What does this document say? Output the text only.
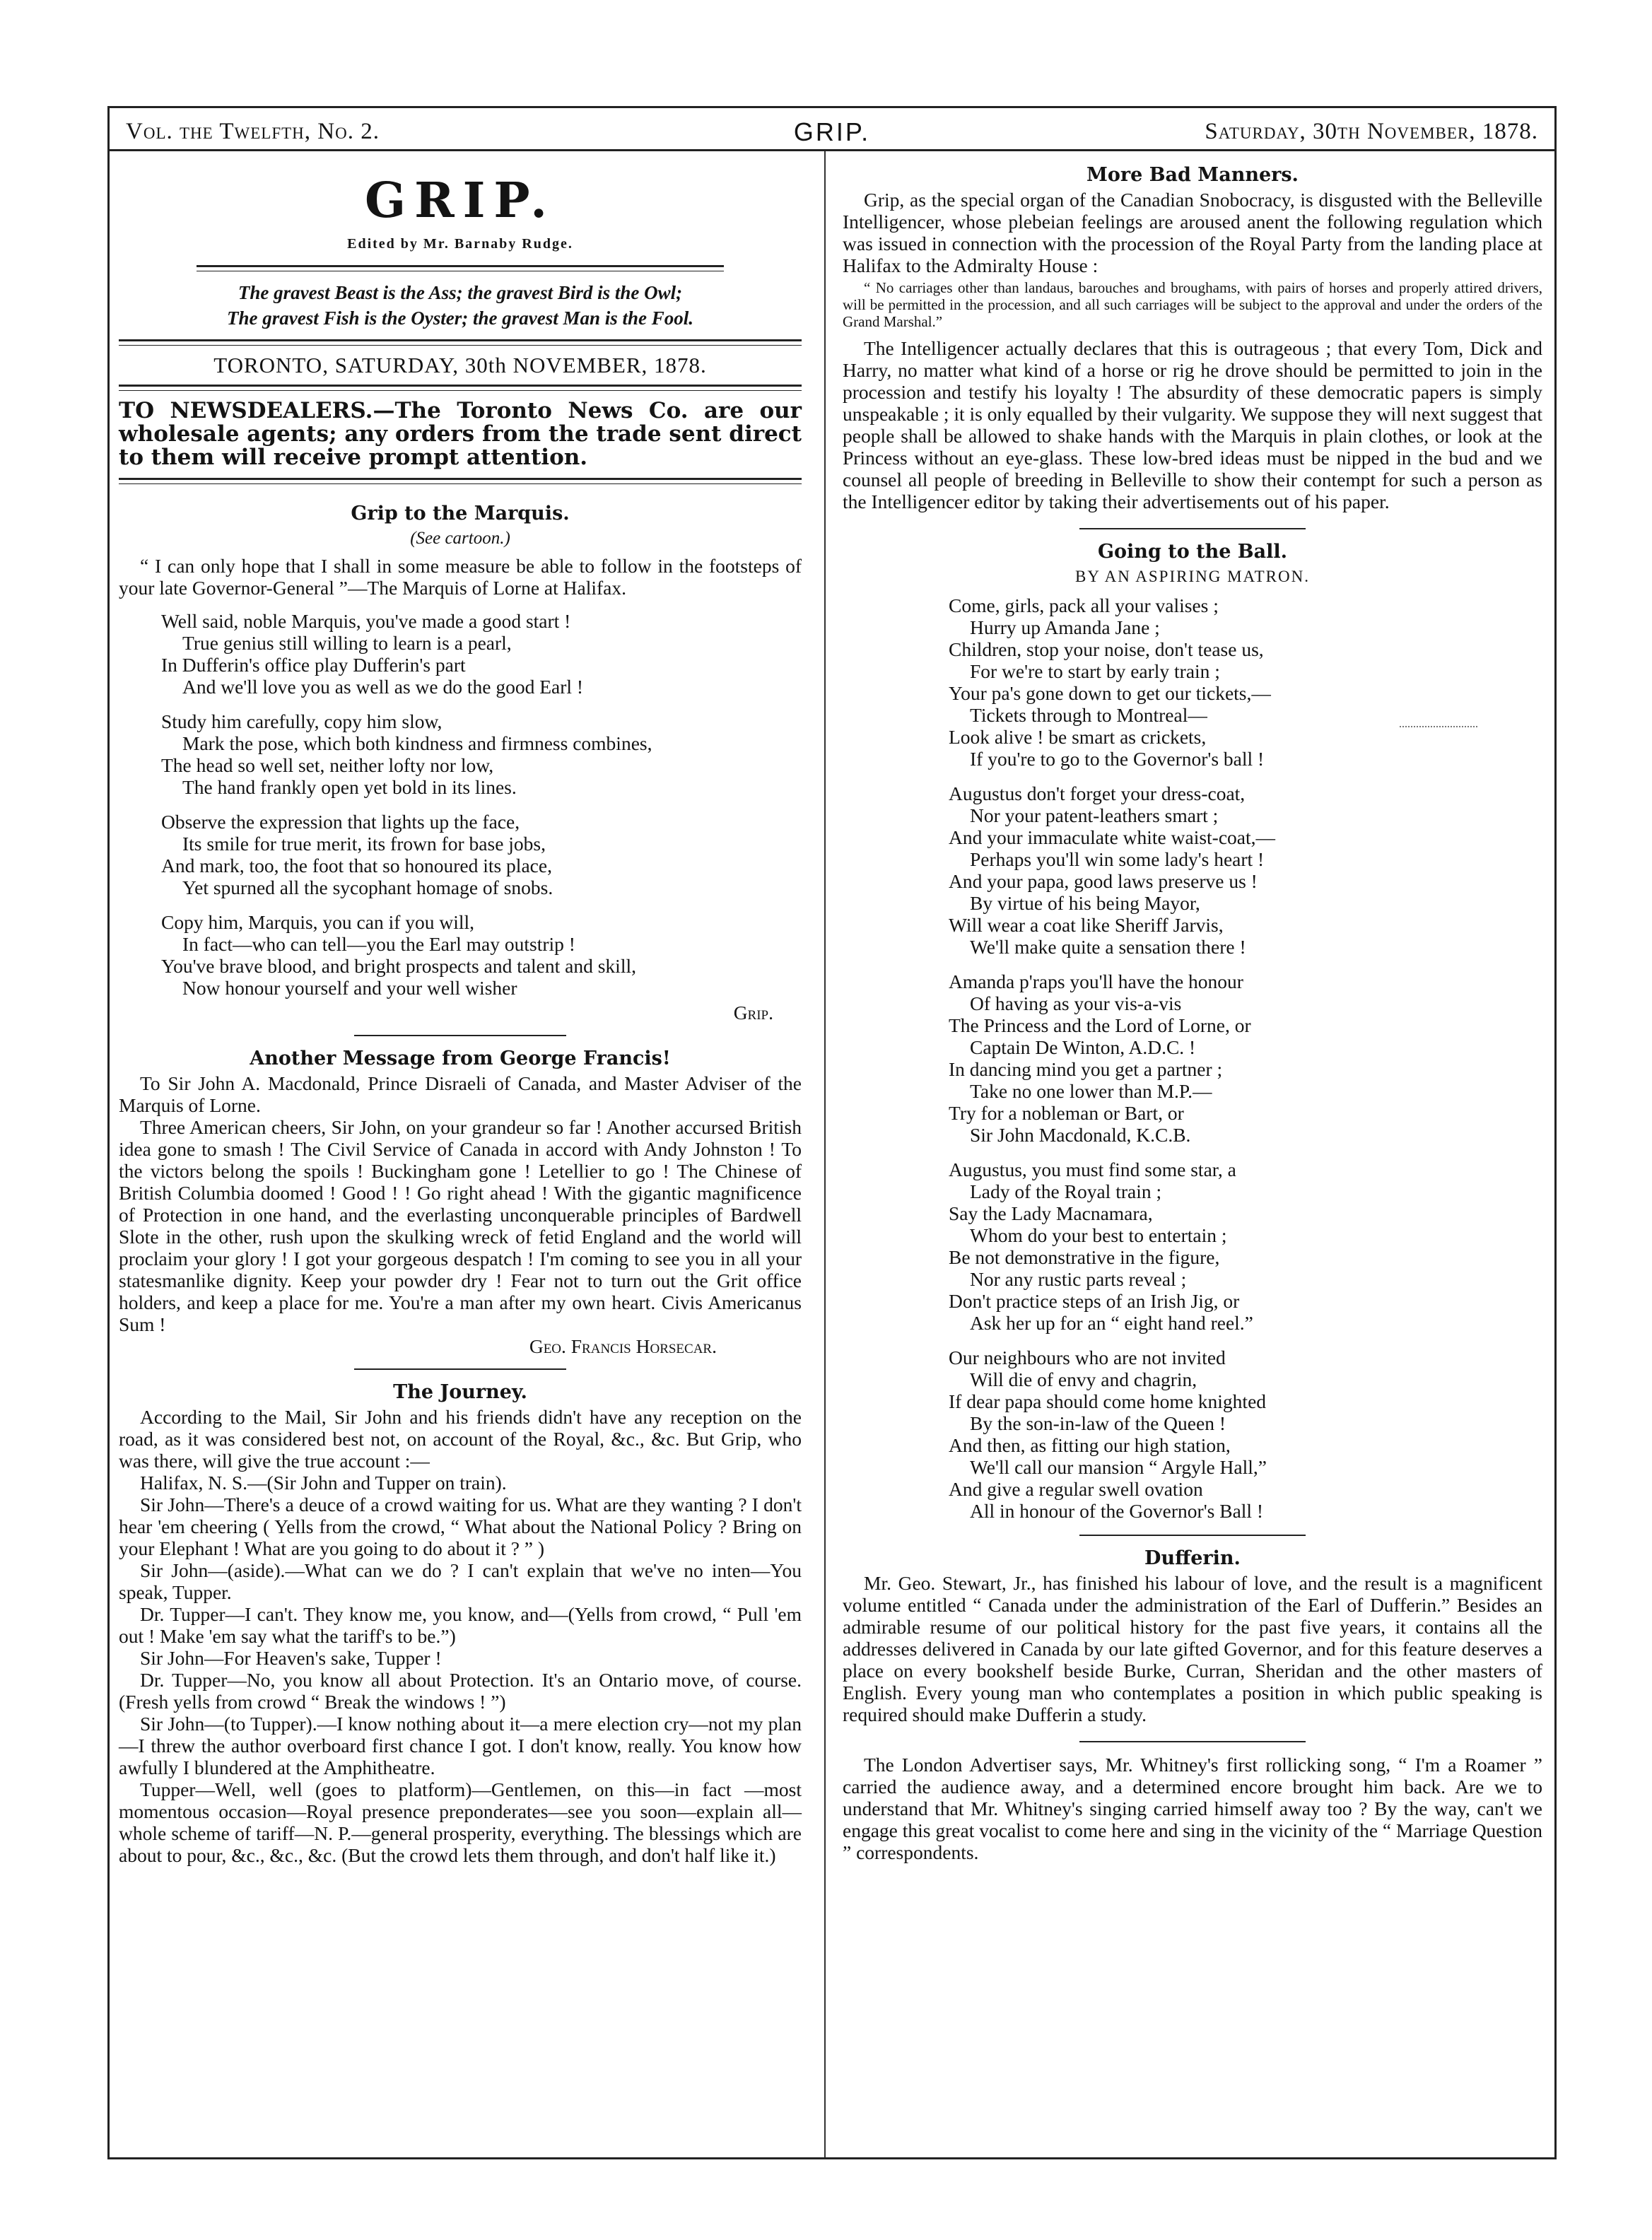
Vol. the Twelfth, No. 2.	GRIP.	Saturday, 30th November, 1878.
GRIP.
Edited by Mr. Barnaby Rudge.
The gravest Beast is the Ass; the gravest Bird is the Owl;
The gravest Fish is the Oyster; the gravest Man is the Fool.
TORONTO, SATURDAY, 30th NOVEMBER, 1878.

TO NEWSDEALERS.—The Toronto News Co. are our wholesale agents; any orders from the trade sent direct to them will receive prompt attention.

Grip to the Marquis.
(See cartoon.)

“ I can only hope that I shall in some measure be able to follow in the footsteps of your late Governor-General ”—The Marquis of Lorne at Halifax.

Well said, noble Marquis, you've made a good start !
True genius still willing to learn is a pearl,
In Dufferin's office play Dufferin's part
And we'll love you as well as we do the good Earl !
Study him carefully, copy him slow,
Mark the pose, which both kindness and firmness combines,
The head so well set, neither lofty nor low,
The hand frankly open yet bold in its lines.
Observe the expression that lights up the face,
Its smile for true merit, its frown for base jobs,
And mark, too, the foot that so honoured its place,
Yet spurned all the sycophant homage of snobs.
Copy him, Marquis, you can if you will,
In fact—who can tell—you the Earl may outstrip !
You've brave blood, and bright prospects and talent and skill,
Now honour yourself and your well wisher
Grip.
Another Message from George Francis!

To Sir John A. Macdonald, Prince Disraeli of Canada, and Master Adviser of the Marquis of Lorne.

Three American cheers, Sir John, on your grandeur so far ! Another accursed British idea gone to smash ! The Civil Service of Canada in accord with Andy Johnston ! To the victors belong the spoils ! Buckingham gone ! Letellier to go ! The Chinese of British Columbia doomed ! Good ! ! Go right ahead ! With the gigantic magnificence of Protection in one hand, and the everlasting unconquerable principles of Bardwell Slote in the other, rush upon the skulking wreck of fetid England and the world will proclaim your glory ! I got your gorgeous despatch ! I'm coming to see you in all your statesmanlike dignity. Keep your powder dry ! Fear not to turn out the Grit office holders, and keep a place for me. You're a man after my own heart. Civis Americanus Sum !

Geo. Francis Horsecar.
The Journey.

According to the Mail, Sir John and his friends didn't have any reception on the road, as it was considered best not, on account of the Royal, &c., &c. But Grip, who was there, will give the true account :—

Halifax, N. S.—(Sir John and Tupper on train).

Sir John—There's a deuce of a crowd waiting for us. What are they wanting ? I don't hear 'em cheering ( Yells from the crowd, “ What about the National Policy ? Bring on your Elephant ! What are you going to do about it ? ” )

Sir John—(aside).—What can we do ? I can't explain that we've no inten—You speak, Tupper.

Dr. Tupper—I can't. They know me, you know, and—(Yells from crowd, “ Pull 'em out ! Make 'em say what the tariff's to be.”)

Sir John—For Heaven's sake, Tupper !

Dr. Tupper—No, you know all about Protection. It's an Ontario move, of course. (Fresh yells from crowd “ Break the windows ! ”)

Sir John—(to Tupper).—I know nothing about it—a mere election cry—not my plan—I threw the author overboard first chance I got. I don't know, really. You know how awfully I blundered at the Amphitheatre.

Tupper—Well, well (goes to platform)—Gentlemen, on this—in fact —most momentous occasion—Royal presence preponderates—see you soon—explain all—whole scheme of tariff—N. P.—general prosperity, everything. The blessings which are about to pour, &c., &c., &c. (But the crowd lets them through, and don't half like it.)

More Bad Manners.

Grip, as the special organ of the Canadian Snobocracy, is disgusted with the Belleville Intelligencer, whose plebeian feelings are aroused anent the following regulation which was issued in connection with the procession of the Royal Party from the landing place at Halifax to the Admiralty House :

“ No carriages other than landaus, barouches and broughams, with pairs of horses and properly attired drivers, will be permitted in the procession, and all such carriages will be subject to the approval and under the orders of the Grand Marshal.”

The Intelligencer actually declares that this is outrageous ; that every Tom, Dick and Harry, no matter what kind of a horse or rig he drove should be permitted to join in the procession and testify his loyalty ! The absurdity of these democratic papers is simply unspeakable ; it is only equalled by their vulgarity. We suppose they will next suggest that people shall be allowed to shake hands with the Marquis in plain clothes, or look at the Princess without an eye-glass. These low-bred ideas must be nipped in the bud and we counsel all people of breeding in Belleville to show their contempt for such a person as the Intelligencer editor by taking their advertisements out of his paper.

Going to the Ball.
BY AN ASPIRING MATRON.
Come, girls, pack all your valises ;
Hurry up Amanda Jane ;
Children, stop your noise, don't tease us,
For we're to start by early train ;
Your pa's gone down to get our tickets,—
Tickets through to Montreal—
Look alive ! be smart as crickets,
If you're to go to the Governor's ball !
Augustus don't forget your dress-coat,
Nor your patent-leathers smart ;
And your immaculate white waist-coat,—
Perhaps you'll win some lady's heart !
And your papa, good laws preserve us !
By virtue of his being Mayor,
Will wear a coat like Sheriff Jarvis,
We'll make quite a sensation there !
Amanda p'raps you'll have the honour
Of having as your vis-a-vis
The Princess and the Lord of Lorne, or
Captain De Winton, A.D.C. !
In dancing mind you get a partner ;
Take no one lower than M.P.—
Try for a nobleman or Bart, or
Sir John Macdonald, K.C.B.
Augustus, you must find some star, a
Lady of the Royal train ;
Say the Lady Macnamara,
Whom do your best to entertain ;
Be not demonstrative in the figure,
Nor any rustic parts reveal ;
Don't practice steps of an Irish Jig, or
Ask her up for an “ eight hand reel.”
Our neighbours who are not invited
Will die of envy and chagrin,
If dear papa should come home knighted
By the son-in-law of the Queen !
And then, as fitting our high station,
We'll call our mansion “ Argyle Hall,”
And give a regular swell ovation
All in honour of the Governor's Ball !
Dufferin.

Mr. Geo. Stewart, Jr., has finished his labour of love, and the result is a magnificent volume entitled “ Canada under the administration of the Earl of Dufferin.” Besides an admirable resume of our political history for the past five years, it contains all the addresses delivered in Canada by our late gifted Governor, and for this feature deserves a place on every bookshelf beside Burke, Curran, Sheridan and the other masters of English. Every young man who contemplates a position in which public speaking is required should make Dufferin a study.

The London Advertiser says, Mr. Whitney's first rollicking song, “ I'm a Roamer ” carried the audience away, and a determined encore brought him back. Are we to understand that Mr. Whitney's singing carried himself away too ? By the way, can't we engage this great vocalist to come here and sing in the vicinity of the “ Marriage Question ” correspondents.
